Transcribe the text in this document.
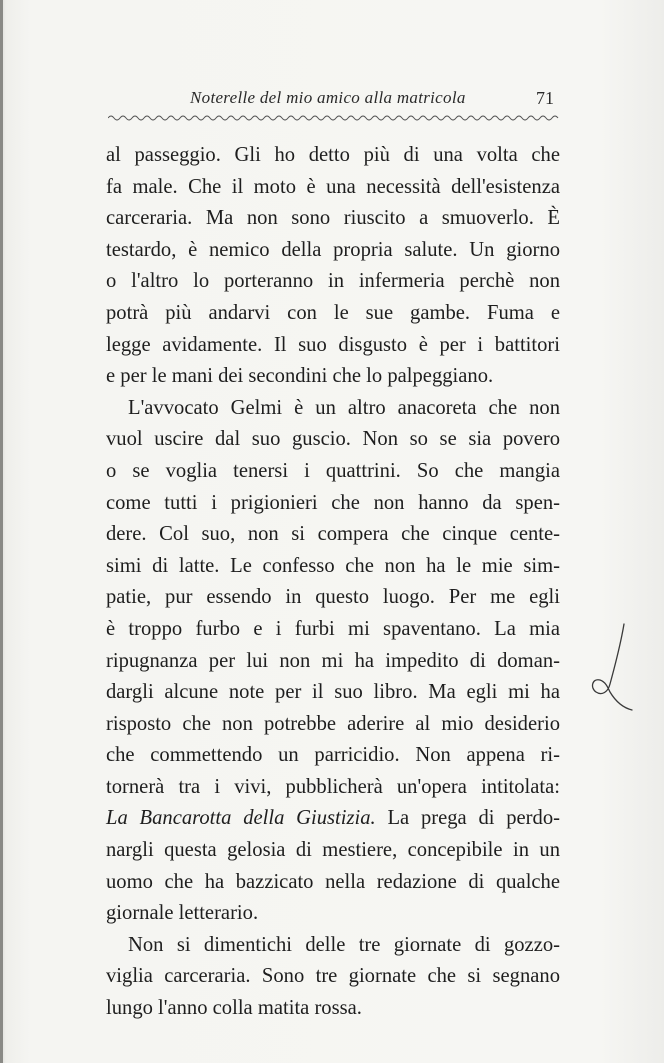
Noterelle del mio amico alla matricola	71
al passeggio. Gli ho detto più di una volta che
fa male. Che il moto è una necessità dell'esistenza
carceraria. Ma non sono riuscito a smuoverlo. È
testardo, è nemico della propria salute. Un giorno
o l'altro lo porteranno in infermeria perchè non
potrà più andarvi con le sue gambe. Fuma e
legge avidamente. Il suo disgusto è per i battitori
e per le mani dei secondini che lo palpeggiano.
L'avvocato Gelmi è un altro anacoreta che non
vuol uscire dal suo guscio. Non so se sia povero
o se voglia tenersi i quattrini. So che mangia
come tutti i prigionieri che non hanno da spen-
dere. Col suo, non si compera che cinque cente-
simi di latte. Le confesso che non ha le mie sim-
patie, pur essendo in questo luogo. Per me egli
è troppo furbo e i furbi mi spaventano. La mia
ripugnanza per lui non mi ha impedito di doman-
dargli alcune note per il suo libro. Ma egli mi ha
risposto che non potrebbe aderire al mio desiderio
che commettendo un parricidio. Non appena ri-
tornerà tra i vivi, pubblicherà un'opera intitolata:
La Bancarotta della Giustizia. La prega di perdo-
nargli questa gelosia di mestiere, concepibile in un
uomo che ha bazzicato nella redazione di qualche
giornale letterario.
Non si dimentichi delle tre giornate di gozzo-
viglia carceraria. Sono tre giornate che si segnano
lungo l'anno colla matita rossa.
